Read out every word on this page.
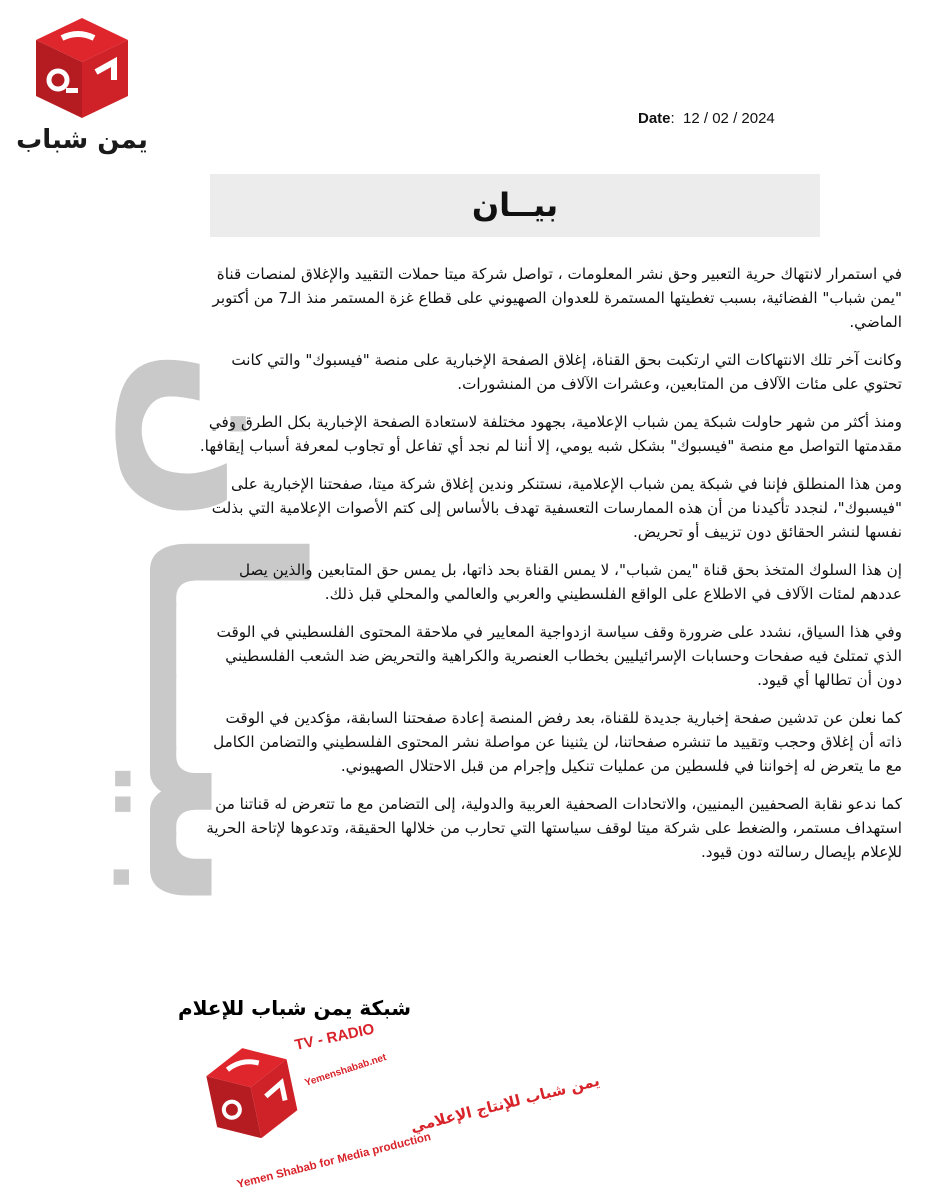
يمن شباب
بيــان
Date:  12 / 02 / 2024
بيــان

في استمرار لانتهاك حرية التعبير وحق نشر المعلومات ، تواصل شركة ميتا حملات التقييد والإغلاق لمنصات قناة "يمن شباب" الفضائية، بسبب تغطيتها المستمرة للعدوان الصهيوني على قطاع غزة المستمر منذ الـ7 من أكتوبر الماضي.

وكانت آخر تلك الانتهاكات التي ارتكبت بحق القناة، إغلاق الصفحة الإخبارية على منصة "فيسبوك" والتي كانت تحتوي على مئات الآلاف من المتابعين، وعشرات الآلاف من المنشورات.

ومنذ أكثر من شهر حاولت شبكة يمن شباب الإعلامية، بجهود مختلفة لاستعادة الصفحة الإخبارية بكل الطرق وفي مقدمتها التواصل مع منصة "فيسبوك" بشكل شبه يومي، إلا أننا لم نجد أي تفاعل أو تجاوب لمعرفة أسباب إيقافها.

ومن هذا المنطلق فإننا في شبكة يمن شباب الإعلامية، نستنكر وندين إغلاق شركة ميتا، صفحتنا الإخبارية على "فيسبوك"، لنجدد تأكيدنا من أن هذه الممارسات التعسفية تهدف بالأساس إلى كتم الأصوات الإعلامية التي بذلت نفسها لنشر الحقائق دون تزييف أو تحريض.

إن هذا السلوك المتخذ بحق قناة "يمن شباب"، لا يمس القناة بحد ذاتها، بل يمس حق المتابعين والذين يصل عددهم لمئات الآلاف في الاطلاع على الواقع الفلسطيني والعربي والعالمي والمحلي قبل ذلك.

وفي هذا السياق، نشدد على ضرورة وقف سياسة ازدواجية المعايير في ملاحقة المحتوى الفلسطيني في الوقت الذي تمتلئ فيه صفحات وحسابات الإسرائيليين بخطاب العنصرية والكراهية والتحريض ضد الشعب الفلسطيني دون أن تطالها أي قيود.

كما نعلن عن تدشين صفحة إخبارية جديدة للقناة، بعد رفض المنصة إعادة صفحتنا السابقة، مؤكدين في الوقت ذاته أن إغلاق وحجب وتقييد ما تنشره صفحاتنا، لن يثنينا عن مواصلة نشر المحتوى الفلسطيني والتضامن الكامل مع ما يتعرض له إخواننا في فلسطين من عمليات تنكيل وإجرام من قبل الاحتلال الصهيوني.

كما ندعو نقابة الصحفيين اليمنيين، والاتحادات الصحفية العربية والدولية، إلى التضامن مع ما تتعرض له قناتنا من استهداف مستمر، والضغط على شركة ميتا لوقف سياستها التي تحارب من خلالها الحقيقة، وتدعوها لإتاحة الحرية للإعلام بإيصال رسالته دون قيود.

شبكة يمن شباب للإعلام
TV - RADIO
Yemenshabab.net
يمن شباب للإنتاج الإعلامي
Yemen Shabab for Media production
